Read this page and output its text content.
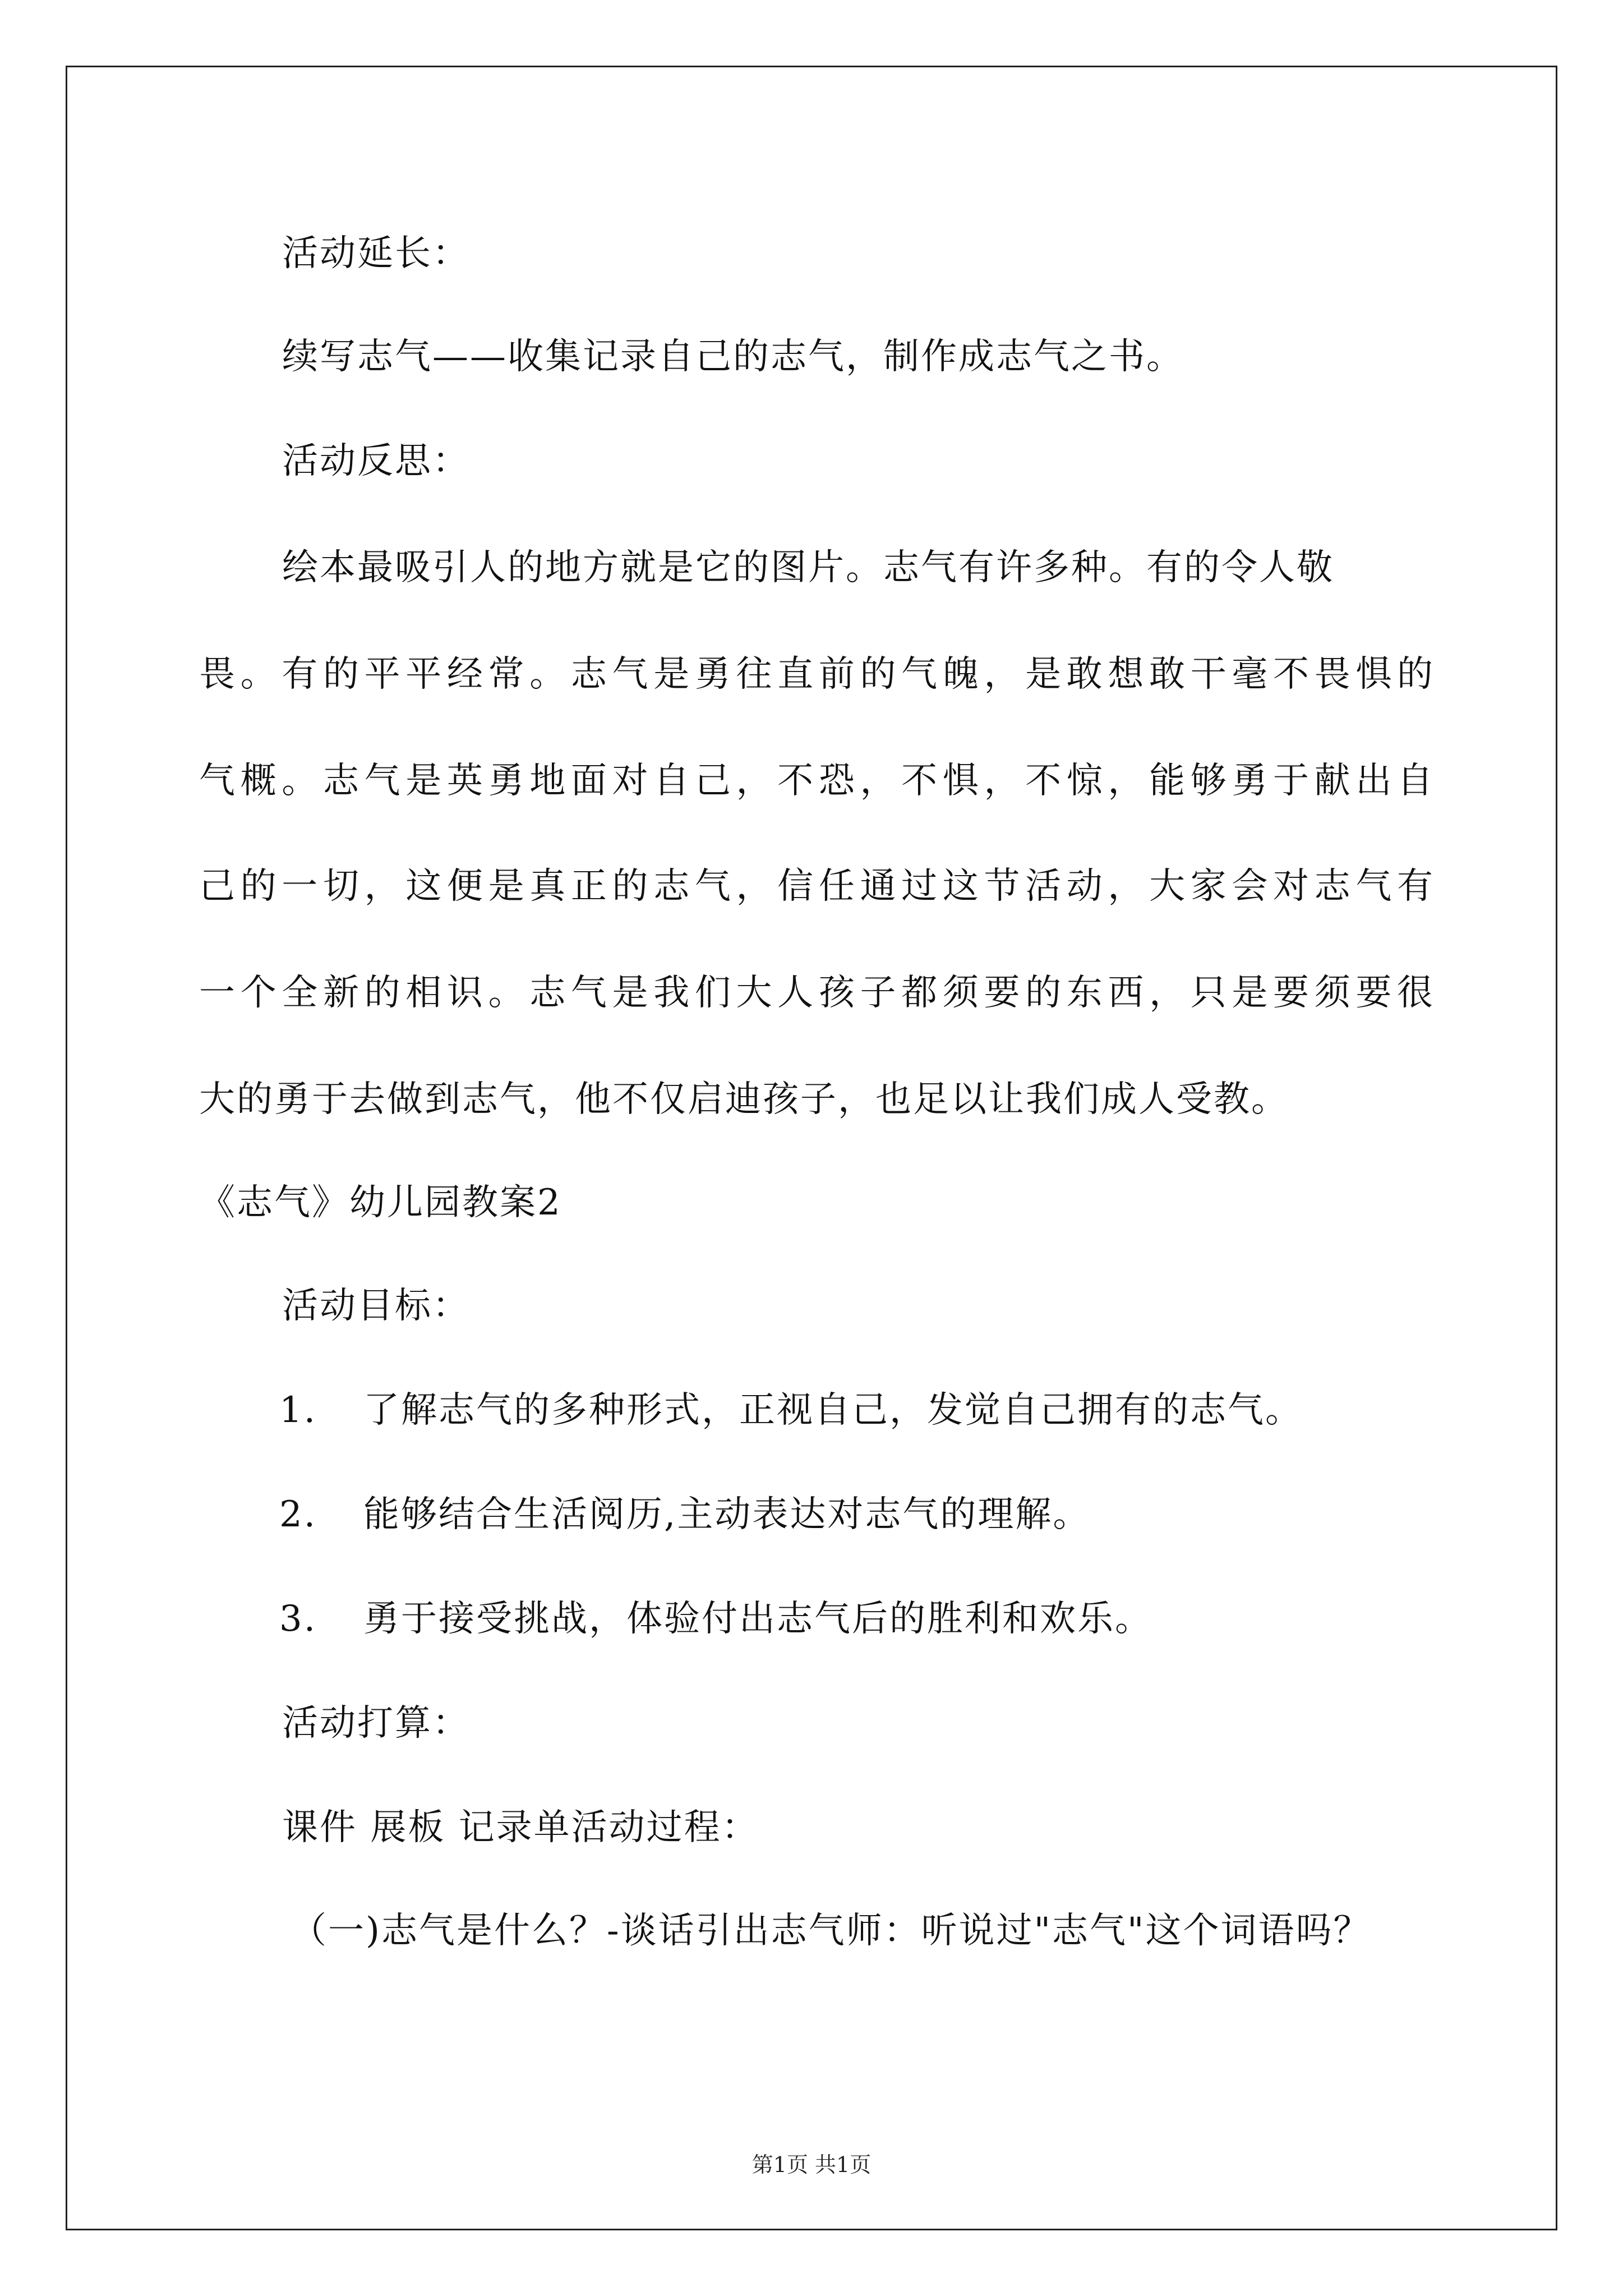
活动延长：
续写志气——收集记录自己的志气，制作成志气之书。
活动反思：
绘本最吸引人的地方就是它的图片。志气有许多种。有的令人敬
畏。有的平平经常。志气是勇往直前的气魄，是敢想敢干毫不畏惧的
气概。志气是英勇地面对自己，不恐，不惧，不惊，能够勇于献出自
己的一切，这便是真正的志气，信任通过这节活动，大家会对志气有
一个全新的相识。志气是我们大人孩子都须要的东西，只是要须要很
大的勇于去做到志气，他不仅启迪孩子，也足以让我们成人受教。
《志气》幼儿园教案2
活动目标：
1. 了解志气的多种形式，正视自己，发觉自己拥有的志气。
2. 能够结合生活阅历,主动表达对志气的理解。
3. 勇于接受挑战，体验付出志气后的胜利和欢乐。
活动打算：
课件 展板 记录单活动过程：
（一)志气是什么？-谈话引出志气师：听说过"志气"这个词语吗？
第1页 共1页
